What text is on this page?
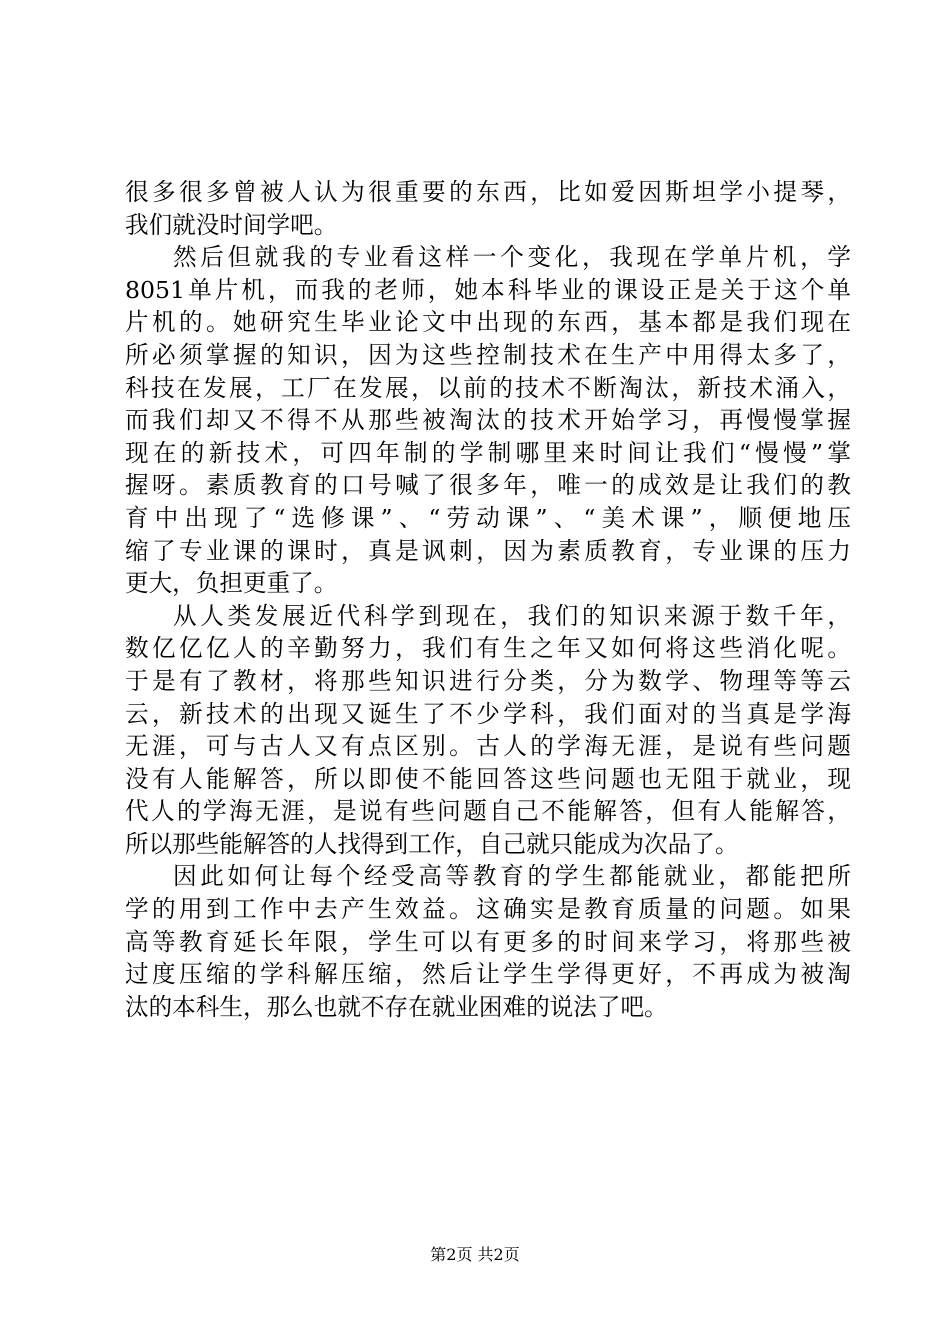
很多很多曾被人认为很重要的东西，比如爱因斯坦学小提琴，
我们就没时间学吧。
然后但就我的专业看这样一个变化，我现在学单片机，学
8051单片机，而我的老师，她本科毕业的课设正是关于这个单
片机的。她研究生毕业论文中出现的东西，基本都是我们现在
所必须掌握的知识，因为这些控制技术在生产中用得太多了，
科技在发展，工厂在发展，以前的技术不断淘汰，新技术涌入，
而我们却又不得不从那些被淘汰的技术开始学习，再慢慢掌握
现在的新技术，可四年制的学制哪里来时间让我们“慢慢”掌
握呀。素质教育的口号喊了很多年，唯一的成效是让我们的教
育中出现了“选修课”、“劳动课”、“美术课”，顺便地压
缩了专业课的课时，真是讽刺，因为素质教育，专业课的压力
更大，负担更重了。
从人类发展近代科学到现在，我们的知识来源于数千年，
数亿亿亿人的辛勤努力，我们有生之年又如何将这些消化呢。
于是有了教材，将那些知识进行分类，分为数学、物理等等云
云，新技术的出现又诞生了不少学科，我们面对的当真是学海
无涯，可与古人又有点区别。古人的学海无涯，是说有些问题
没有人能解答，所以即使不能回答这些问题也无阻于就业，现
代人的学海无涯，是说有些问题自己不能解答，但有人能解答，
所以那些能解答的人找得到工作，自己就只能成为次品了。
因此如何让每个经受高等教育的学生都能就业，都能把所
学的用到工作中去产生效益。这确实是教育质量的问题。如果
高等教育延长年限，学生可以有更多的时间来学习，将那些被
过度压缩的学科解压缩，然后让学生学得更好，不再成为被淘
汰的本科生，那么也就不存在就业困难的说法了吧。
第2页 共2页
